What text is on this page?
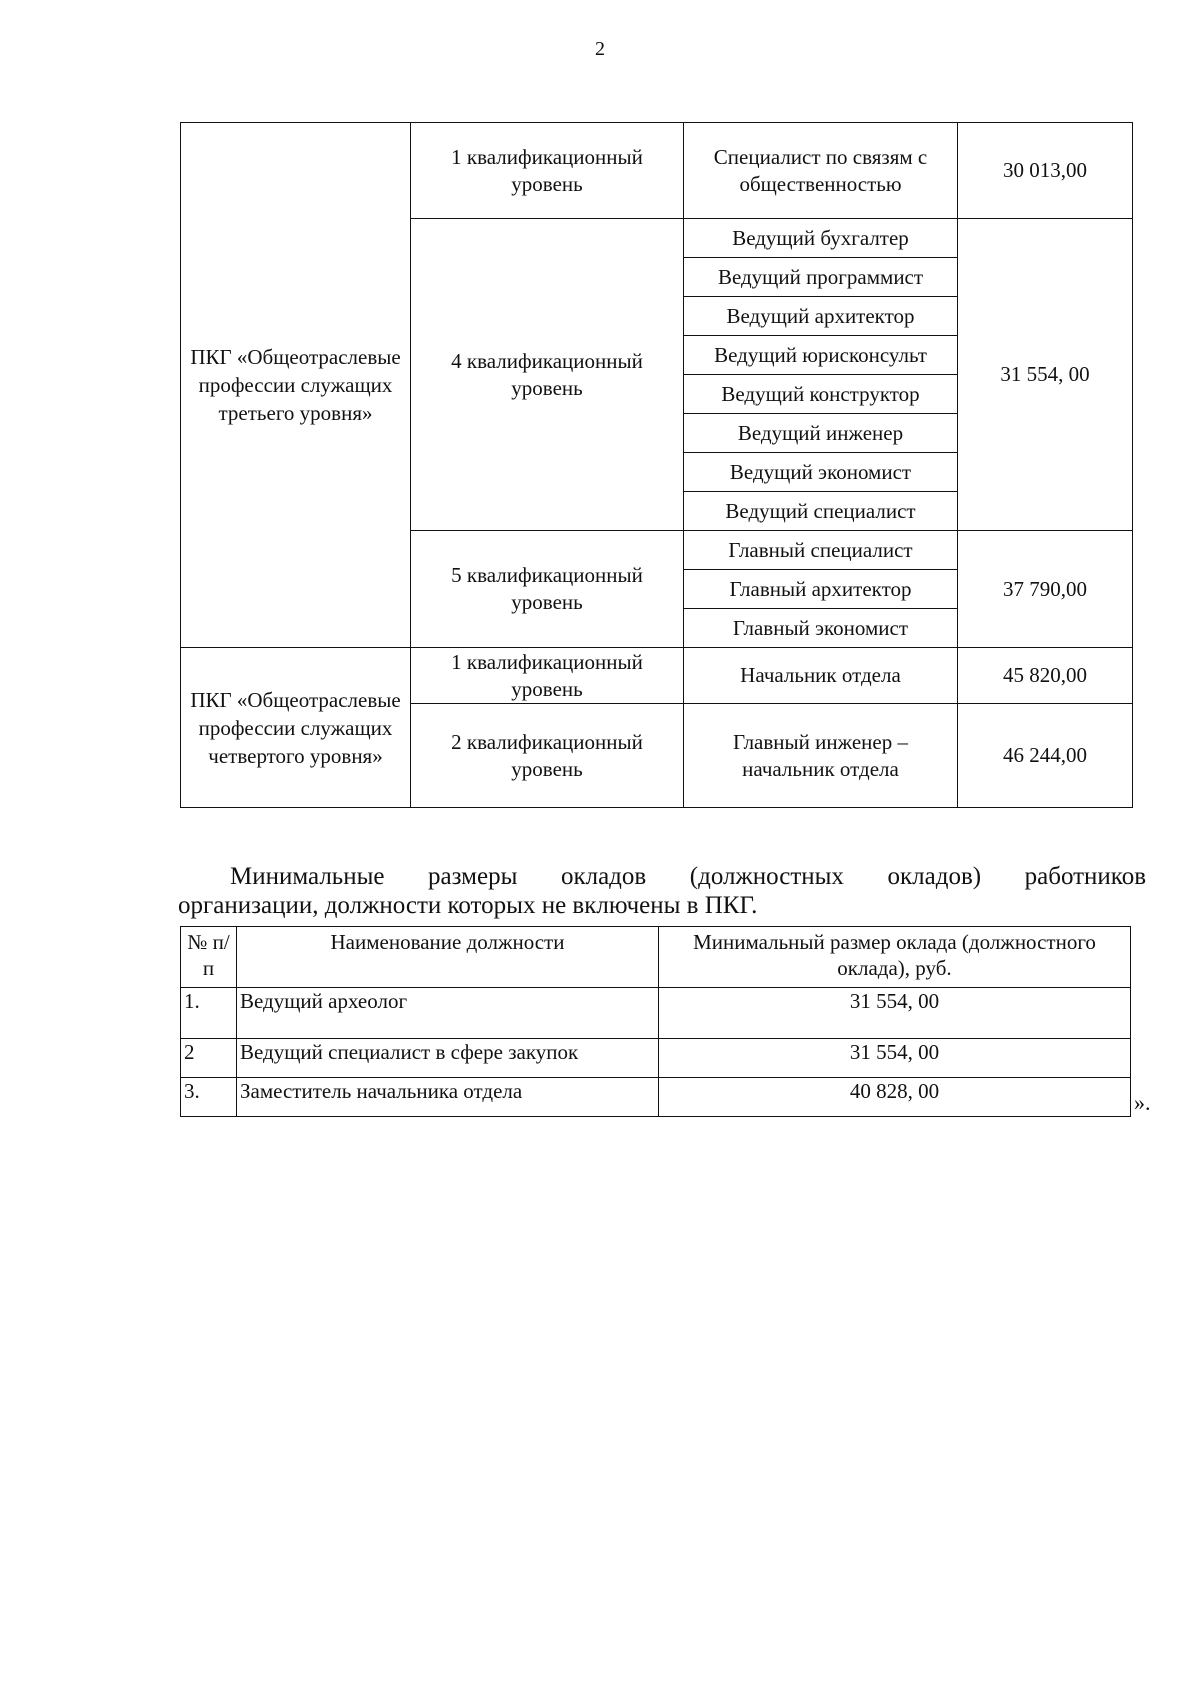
2
ПКГ «Общеотраслевые профессии служащих третьего уровня»	1 квалификационный уровень	Специалист по связям с общественностью	30 013,00
	4 квалификационный уровень	Ведущий бухгалтер	31 554, 00
		Ведущий программист	
		Ведущий архитектор	
		Ведущий юрисконсульт	
		Ведущий конструктор	
		Ведущий инженер	
		Ведущий экономист	
		Ведущий специалист	
	5 квалификационный уровень	Главный специалист	37 790,00
		Главный архитектор	
		Главный экономист	
ПКГ «Общеотраслевые профессии служащих четвертого уровня»	1 квалификационный уровень	Начальник отдела	45 820,00
	2 квалификационный уровень	Главный инженер – начальник отдела	46 244,00
Минимальные размеры окладов (должностных окладов) работников
организации, должности которых не включены в ПКГ.
№ п/п	Наименование должности	Минимальный размер оклада (должностного оклада), руб.
1.	Ведущий археолог	31 554, 00
2	Ведущий специалист в сфере закупок	31 554, 00
3.	Заместитель начальника отдела	40 828, 00	».
